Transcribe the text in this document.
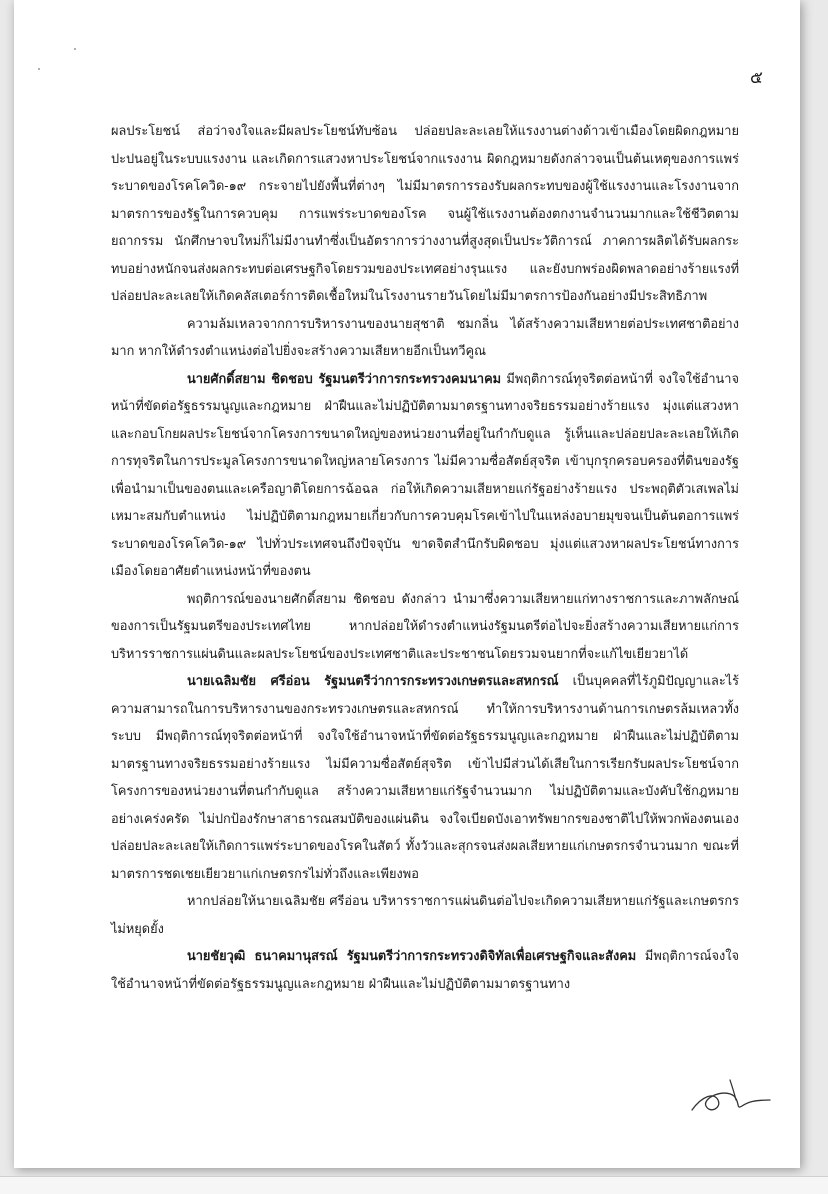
๕

ผลประโยชน์ ส่อว่าจงใจและมีผลประโยชน์ทับซ้อน ปล่อยปละละเลยให้แรงงานต่างด้าวเข้าเมืองโดยผิดกฎหมายปะปนอยู่ในระบบแรงงาน และเกิดการแสวงหาประโยชน์จากแรงงาน ผิดกฎหมายดังกล่าวจนเป็นต้นเหตุของการแพร่ระบาดของโรคโควิด-๑๙ กระจายไปยังพื้นที่ต่างๆ ไม่มีมาตรการรองรับผลกระทบของผู้ใช้แรงงานและโรงงานจากมาตรการของรัฐในการควบคุม การแพร่ระบาดของโรค จนผู้ใช้แรงงานต้องตกงานจำนวนมากและใช้ชีวิตตามยถากรรม นักศึกษาจบใหม่ก็ไม่มีงานทำซึ่งเป็นอัตราการว่างงานที่สูงสุดเป็นประวัติการณ์ ภาคการผลิตได้รับผลกระทบอย่างหนักจนส่งผลกระทบต่อเศรษฐกิจโดยรวมของประเทศอย่างรุนแรง และยังบกพร่องผิดพลาดอย่างร้ายแรงที่ปล่อยปละละเลยให้เกิดคลัสเตอร์การติดเชื้อใหม่ในโรงงานรายวันโดยไม่มีมาตรการป้องกันอย่างมีประสิทธิภาพ

ความล้มเหลวจากการบริหารงานของนายสุชาติ ชมกลิ่น ได้สร้างความเสียหายต่อประเทศชาติอย่างมาก หากให้ดำรงตำแหน่งต่อไปยิ่งจะสร้างความเสียหายอีกเป็นทวีคูณ

นายศักดิ์สยาม ชิดชอบ รัฐมนตรีว่าการกระทรวงคมนาคม มีพฤติการณ์ทุจริตต่อหน้าที่ จงใจใช้อำนาจหน้าที่ขัดต่อรัฐธรรมนูญและกฎหมาย ฝ่าฝืนและไม่ปฏิบัติตามมาตรฐานทางจริยธรรมอย่างร้ายแรง มุ่งแต่แสวงหาและกอบโกยผลประโยชน์จากโครงการขนาดใหญ่ของหน่วยงานที่อยู่ในกำกับดูแล รู้เห็นและปล่อยปละละเลยให้เกิดการทุจริตในการประมูลโครงการขนาดใหญ่หลายโครงการ ไม่มีความซื่อสัตย์สุจริต เข้าบุกรุกครอบครองที่ดินของรัฐเพื่อนำมาเป็นของตนและเครือญาติโดยการฉ้อฉล ก่อให้เกิดความเสียหายแก่รัฐอย่างร้ายแรง ประพฤติตัวเสเพลไม่เหมาะสมกับตำแหน่ง ไม่ปฏิบัติตามกฎหมายเกี่ยวกับการควบคุมโรคเข้าไปในแหล่งอบายมุขจนเป็นต้นตอการแพร่ระบาดของโรคโควิด-๑๙ ไปทั่วประเทศจนถึงปัจจุบัน ขาดจิตสำนึกรับผิดชอบ มุ่งแต่แสวงหาผลประโยชน์ทางการเมืองโดยอาศัยตำแหน่งหน้าที่ของตน

พฤติการณ์ของนายศักดิ์สยาม ชิดชอบ ดังกล่าว นำมาซึ่งความเสียหายแก่ทางราชการและภาพลักษณ์ของการเป็นรัฐมนตรีของประเทศไทย หากปล่อยให้ดำรงตำแหน่งรัฐมนตรีต่อไปจะยิ่งสร้างความเสียหายแก่การบริหารราชการแผ่นดินและผลประโยชน์ของประเทศชาติและประชาชนโดยรวมจนยากที่จะแก้ไขเยียวยาได้

นายเฉลิมชัย ศรีอ่อน รัฐมนตรีว่าการกระทรวงเกษตรและสหกรณ์ เป็นบุคคลที่ไร้ภูมิปัญญาและไร้ความสามารถในการบริหารงานของกระทรวงเกษตรและสหกรณ์ ทำให้การบริหารงานด้านการเกษตรล้มเหลวทั้งระบบ มีพฤติการณ์ทุจริตต่อหน้าที่ จงใจใช้อำนาจหน้าที่ขัดต่อรัฐธรรมนูญและกฎหมาย ฝ่าฝืนและไม่ปฏิบัติตามมาตรฐานทางจริยธรรมอย่างร้ายแรง ไม่มีความซื่อสัตย์สุจริต เข้าไปมีส่วนได้เสียในการเรียกรับผลประโยชน์จากโครงการของหน่วยงานที่ตนกำกับดูแล สร้างความเสียหายแก่รัฐจำนวนมาก ไม่ปฏิบัติตามและบังคับใช้กฎหมายอย่างเคร่งครัด ไม่ปกป้องรักษาสาธารณสมบัติของแผ่นดิน จงใจเบียดบังเอาทรัพยากรของชาติไปให้พวกพ้องตนเอง ปล่อยปละละเลยให้เกิดการแพร่ระบาดของโรคในสัตว์ ทั้งวัวและสุกรจนส่งผลเสียหายแก่เกษตรกรจำนวนมาก ขณะที่มาตรการชดเชยเยียวยาแก่เกษตรกรไม่ทั่วถึงและเพียงพอ

หากปล่อยให้นายเฉลิมชัย ศรีอ่อน บริหารราชการแผ่นดินต่อไปจะเกิดความเสียหายแก่รัฐและเกษตรกรไม่หยุดยั้ง

นายชัยวุฒิ ธนาคมานุสรณ์ รัฐมนตรีว่าการกระทรวงดิจิทัลเพื่อเศรษฐกิจและสังคม มีพฤติการณ์จงใจใช้อำนาจหน้าที่ขัดต่อรัฐธรรมนูญและกฎหมาย ฝ่าฝืนและไม่ปฏิบัติตามมาตรฐานทาง
